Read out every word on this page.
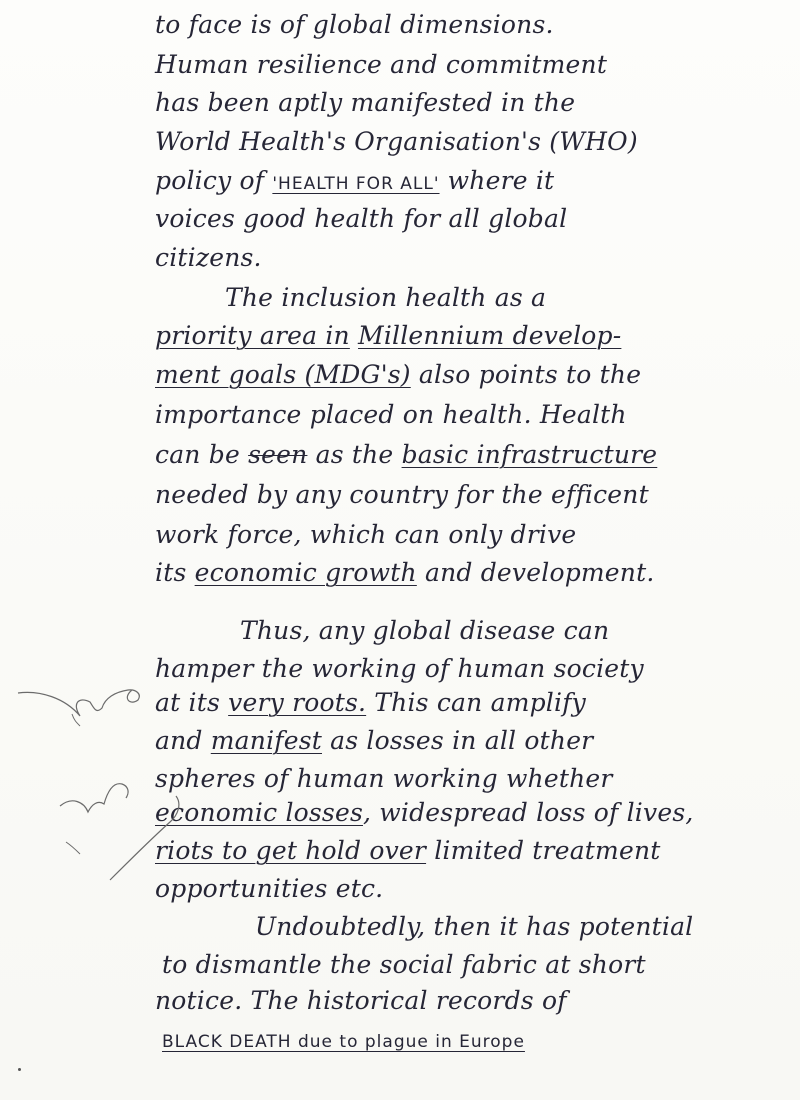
to face is of global dimensions.
Human resilience and commitment
has been aptly manifested in the
World Health's Organisation's (WHO)
policy of 'HEALTH FOR ALL' where it
voices good health for all global
citizens.
The inclusion health as a
priority area in Millennium develop-
ment goals (MDG's) also points to the
importance placed on health. Health
can be seen as the basic infrastructure
needed by any country for the efficent
work force, which can only drive
its economic growth and development.
Thus, any global disease can
hamper the working of human society
at its very roots. This can amplify
and manifest as losses in all other
spheres of human working whether
economic losses, widespread loss of lives,
riots to get hold over limited treatment
opportunities etc.
Undoubtedly, then it has potential
to dismantle the social fabric at short
notice. The historical records of
BLACK DEATH due to plague in Europe
